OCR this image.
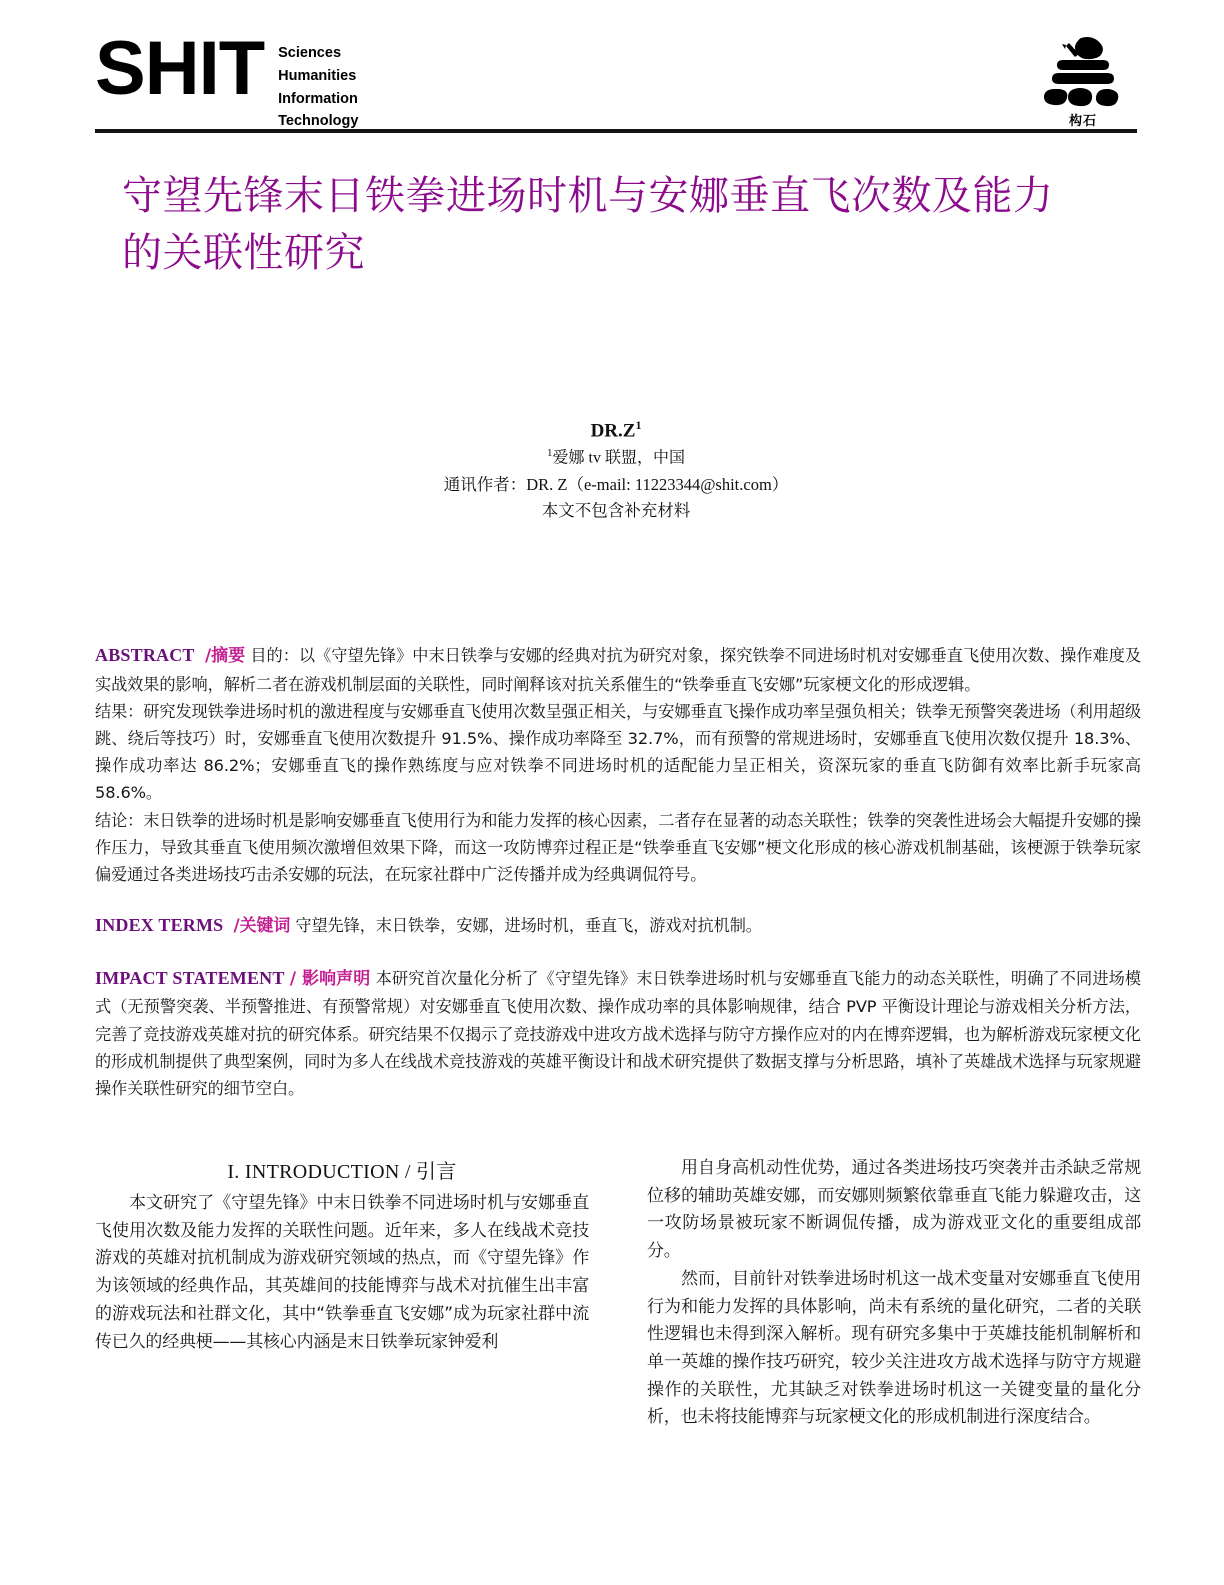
SHIT Sciences
Humanities
Information
Technology	构石
守望先锋末日铁拳进场时机与安娜垂直飞次数及能力的关联性研究

$DR.Z^1$

$^1$爱娜 tv 联盟，中国

通讯作者：DR. Z（e-mail: 11223344@shit.com）

本文不包含补充材料

ABSTRACT /摘要 目的：以《守望先锋》中末日铁拳与安娜的经典对抗为研究对象，探究铁拳不同进场时机对安娜垂直飞使用次数、操作难度及实战效果的影响，解析二者在游戏机制层面的关联性，同时阐释该对抗关系催生的“铁拳垂直飞安娜”玩家梗文化的形成逻辑。

结果：研究发现铁拳进场时机的激进程度与安娜垂直飞使用次数呈强正相关，与安娜垂直飞操作成功率呈强负相关；铁拳无预警突袭进场（利用超级跳、绕后等技巧）时，安娜垂直飞使用次数提升 91.5%、操作成功率降至 32.7%，而有预警的常规进场时，安娜垂直飞使用次数仅提升 18.3%、操作成功率达 86.2%；安娜垂直飞的操作熟练度与应对铁拳不同进场时机的适配能力呈正相关，资深玩家的垂直飞防御有效率比新手玩家高 58.6%。

结论：末日铁拳的进场时机是影响安娜垂直飞使用行为和能力发挥的核心因素，二者存在显著的动态关联性；铁拳的突袭性进场会大幅提升安娜的操作压力，导致其垂直飞使用频次激增但效果下降，而这一攻防博弈过程正是“铁拳垂直飞安娜”梗文化形成的核心游戏机制基础，该梗源于铁拳玩家偏爱通过各类进场技巧击杀安娜的玩法，在玩家社群中广泛传播并成为经典调侃符号。

INDEX TERMS /关键词 守望先锋，末日铁拳，安娜，进场时机，垂直飞，游戏对抗机制。

IMPACT STATEMENT / 影响声明 本研究首次量化分析了《守望先锋》末日铁拳进场时机与安娜垂直飞能力的动态关联性，明确了不同进场模式（无预警突袭、半预警推进、有预警常规）对安娜垂直飞使用次数、操作成功率的具体影响规律，结合 PVP 平衡设计理论与游戏相关分析方法，完善了竞技游戏英雄对抗的研究体系。研究结果不仅揭示了竞技游戏中进攻方战术选择与防守方操作应对的内在博弈逻辑，也为解析游戏玩家梗文化的形成机制提供了典型案例，同时为多人在线战术竞技游戏的英雄平衡设计和战术研究提供了数据支撑与分析思路，填补了英雄战术选择与玩家规避操作关联性研究的细节空白。

I. INTRODUCTION / 引言

本文研究了《守望先锋》中末日铁拳不同进场时机与安娜垂直飞使用次数及能力发挥的关联性问题。近年来，多人在线战术竞技游戏的英雄对抗机制成为游戏研究领域的热点，而《守望先锋》作为该领域的经典作品，其英雄间的技能博弈与战术对抗催生出丰富的游戏玩法和社群文化，其中“铁拳垂直飞安娜”成为玩家社群中流传已久的经典梗——其核心内涵是末日铁拳玩家钟爱利

用自身高机动性优势，通过各类进场技巧突袭并击杀缺乏常规位移的辅助英雄安娜，而安娜则频繁依靠垂直飞能力躲避攻击，这一攻防场景被玩家不断调侃传播，成为游戏亚文化的重要组成部分。

然而，目前针对铁拳进场时机这一战术变量对安娜垂直飞使用行为和能力发挥的具体影响，尚未有系统的量化研究，二者的关联性逻辑也未得到深入解析。现有研究多集中于英雄技能机制解析和单一英雄的操作技巧研究，较少关注进攻方战术选择与防守方规避操作的关联性，尤其缺乏对铁拳进场时机这一关键变量的量化分析，也未将技能博弈与玩家梗文化的形成机制进行深度结合。
